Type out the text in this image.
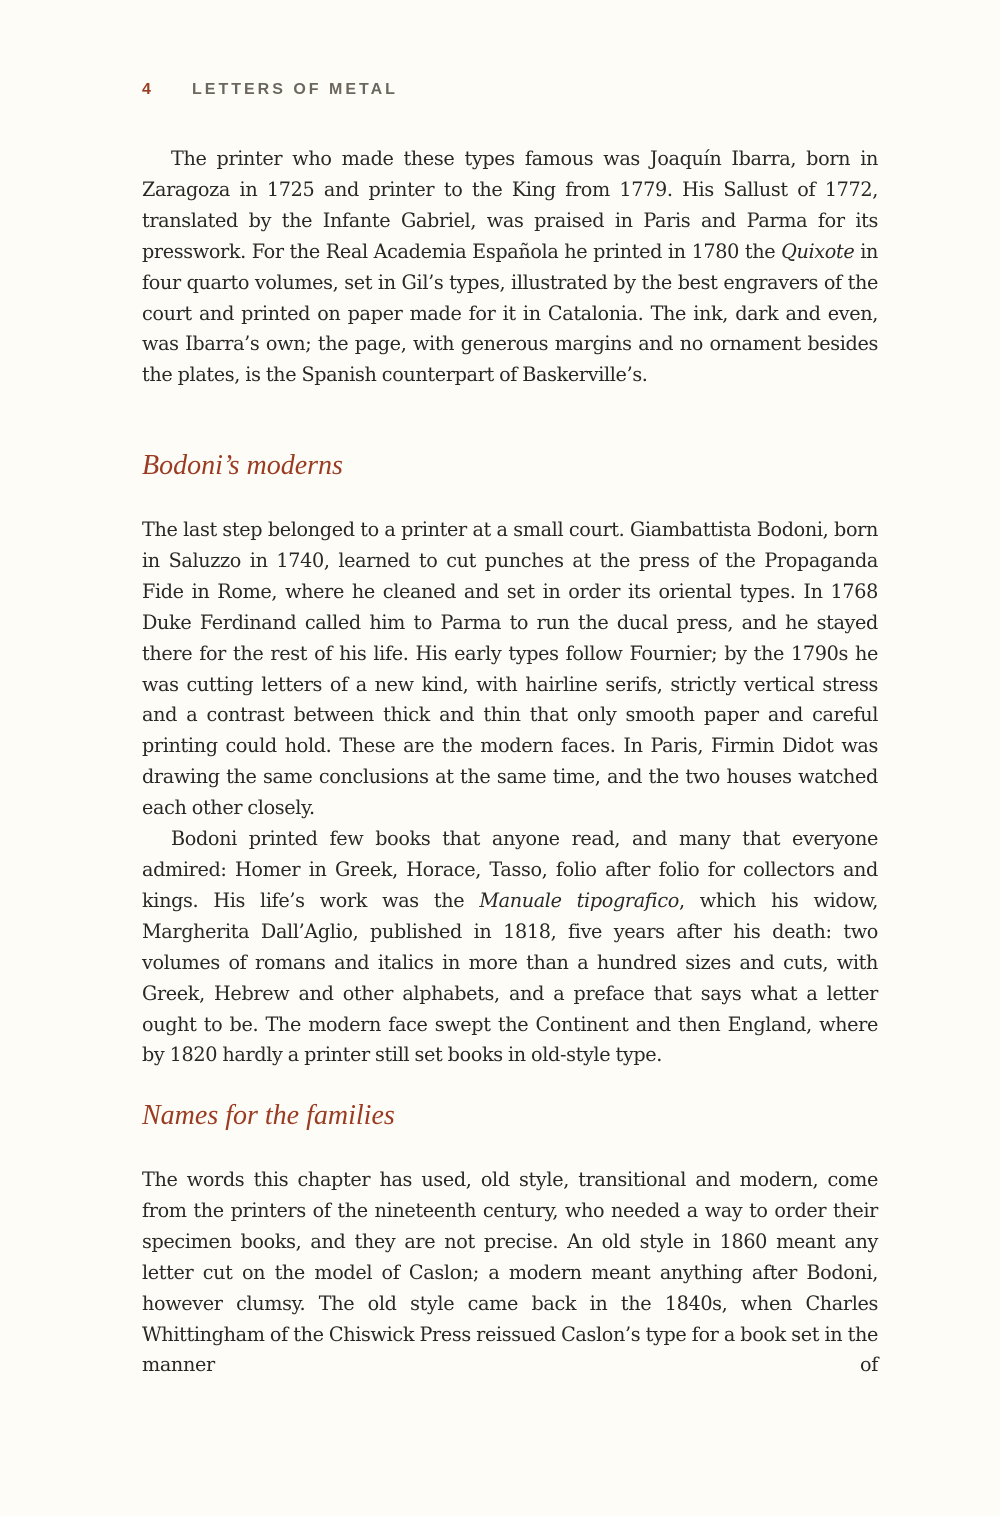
4	LETTERS OF METAL

The printer who made these types famous was Joaquín Ibarra, born in Zaragoza in 1725 and printer to the King from 1779. His Sallust of 1772, translated by the Infante Gabriel, was praised in Paris and Parma for its presswork. For the Real Academia Española he printed in 1780 the Quixote in four quarto volumes, set in Gil’s types, illustrated by the best engravers of the court and printed on paper made for it in Catalonia. The ink, dark and even, was Ibarra’s own; the page, with generous margins and no ornament besides the plates, is the Spanish counterpart of Baskerville’s.

Bodoni’s moderns

The last step belonged to a printer at a small court. Giambattista Bodoni, born in Saluzzo in 1740, learned to cut punches at the press of the Propaganda Fide in Rome, where he cleaned and set in order its oriental types. In 1768 Duke Ferdinand called him to Parma to run the ducal press, and he stayed there for the rest of his life. His early types follow Fournier; by the 1790s he was cutting letters of a new kind, with hairline serifs, strictly vertical stress and a contrast between thick and thin that only smooth paper and careful printing could hold. These are the modern faces. In Paris, Firmin Didot was drawing the same conclusions at the same time, and the two houses watched each other closely.

Bodoni printed few books that anyone read, and many that everyone admired: Homer in Greek, Horace, Tasso, folio after folio for collectors and kings. His life’s work was the Manuale tipografico, which his widow, Margherita Dall’Aglio, published in 1818, five years after his death: two volumes of romans and italics in more than a hundred sizes and cuts, with Greek, Hebrew and other alphabets, and a preface that says what a letter ought to be. The modern face swept the Continent and then England, where by 1820 hardly a printer still set books in old-style type.

Names for the families

The words this chapter has used, old style, transitional and modern, come from the printers of the nineteenth century, who needed a way to order their specimen books, and they are not precise. An old style in 1860 meant any letter cut on the model of Caslon; a modern meant anything after Bodoni, however clumsy. The old style came back in the 1840s, when Charles Whittingham of the Chiswick Press reissued Caslon’s type for a book set in the manner of
